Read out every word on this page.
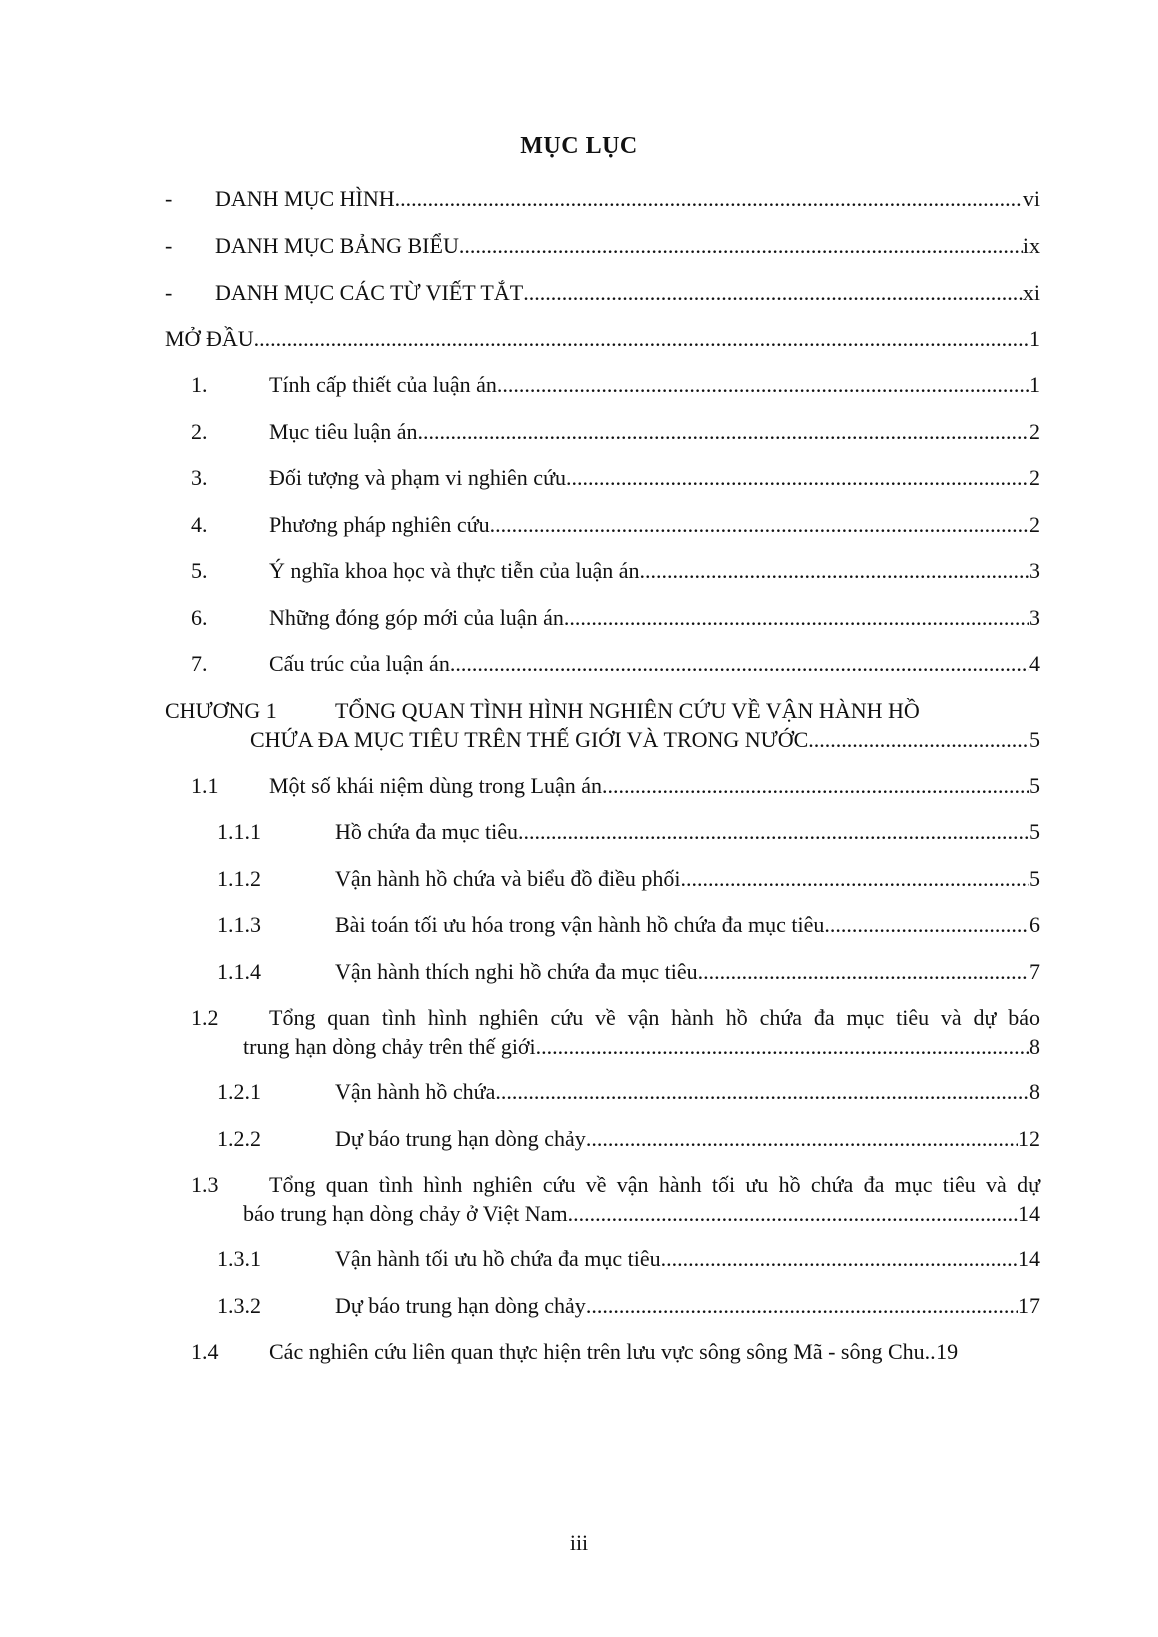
MỤC LỤC
-	DANH MỤC HÌNH .....	vi
-	DANH MỤC BẢNG BIỂU .....	ix
-	DANH MỤC CÁC TỪ VIẾT TẮT .....	xi
MỞ ĐẦU .....	1
1.	Tính cấp thiết của luận án .....	1
2.	Mục tiêu luận án .....	2
3.	Đối tượng và phạm vi nghiên cứu .....	2
4.	Phương pháp nghiên cứu .....	2
5.	Ý nghĩa khoa học và thực tiễn của luận án .....	3
6.	Những đóng góp mới của luận án .....	3
7.	Cấu trúc của luận án .....	4
CHƯƠNG 1	TỔNG QUAN TÌNH HÌNH NGHIÊN CỨU VỀ VẬN HÀNH HỒ
CHỨA ĐA MỤC TIÊU TRÊN THẾ GIỚI VÀ TRONG NƯỚC .....	5
1.1	Một số khái niệm dùng trong Luận án .....	5
1.1.1	Hồ chứa đa mục tiêu .....	5
1.1.2	Vận hành hồ chứa và biểu đồ điều phối .....	5
1.1.3	Bài toán tối ưu hóa trong vận hành hồ chứa đa mục tiêu .....	6
1.1.4	Vận hành thích nghi hồ chứa đa mục tiêu .....	7
1.2	Tổng quan tình hình nghiên cứu về vận hành hồ chứa đa mục tiêu và dự báo
trung hạn dòng chảy trên thế giới .....	8
1.2.1	Vận hành hồ chứa .....	8
1.2.2	Dự báo trung hạn dòng chảy .....	12
1.3	Tổng quan tình hình nghiên cứu về vận hành tối ưu hồ chứa đa mục tiêu và dự
báo trung hạn dòng chảy ở Việt Nam .....	14
1.3.1	Vận hành tối ưu hồ chứa đa mục tiêu .....	14
1.3.2	Dự báo trung hạn dòng chảy .....	17
1.4	Các nghiên cứu liên quan thực hiện trên lưu vực sông sông Mã - sông Chu. ..... 19
iii
